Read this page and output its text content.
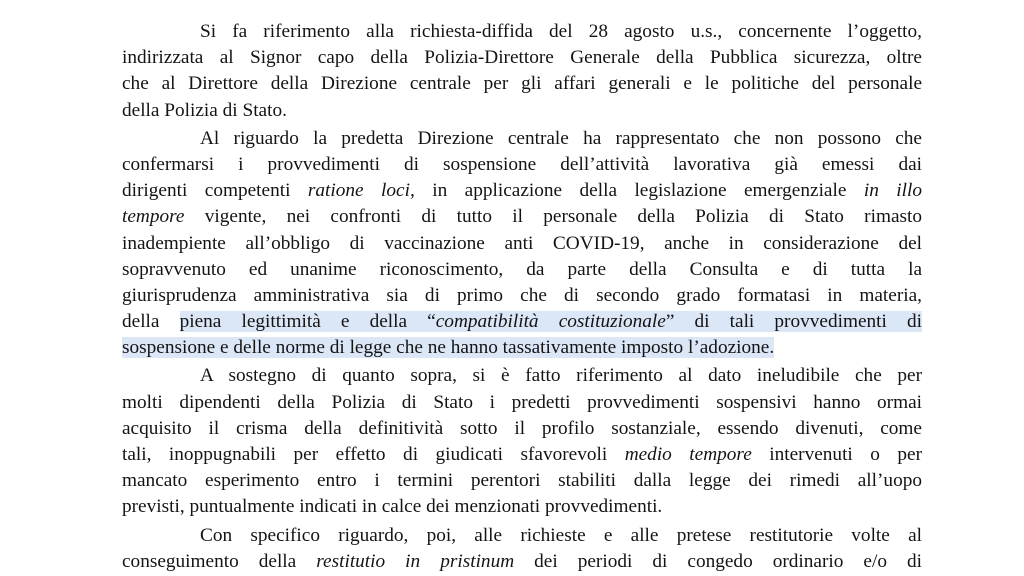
Si fa riferimento alla richiesta-diffida del 28 agosto u.s., concernente l’oggetto,
indirizzata al Signor capo della Polizia-Direttore Generale della Pubblica sicurezza, oltre
che al Direttore della Direzione centrale per gli affari generali e le politiche del personale
della Polizia di Stato.
Al riguardo la predetta Direzione centrale ha rappresentato che non possono che
confermarsi i provvedimenti di sospensione dell’attività lavorativa già emessi dai
dirigenti competenti ratione loci, in applicazione della legislazione emergenziale in illo
tempore vigente, nei confronti di tutto il personale della Polizia di Stato rimasto
inadempiente all’obbligo di vaccinazione anti COVID-19, anche in considerazione del
sopravvenuto ed unanime riconoscimento, da parte della Consulta e di tutta la
giurisprudenza amministrativa sia di primo che di secondo grado formatasi in materia,
della piena legittimità e della “compatibilità costituzionale” di tali provvedimenti di
sospensione e delle norme di legge che ne hanno tassativamente imposto l’adozione.
A sostegno di quanto sopra, si è fatto riferimento al dato ineludibile che per
molti dipendenti della Polizia di Stato i predetti provvedimenti sospensivi hanno ormai
acquisito il crisma della definitività sotto il profilo sostanziale, essendo divenuti, come
tali, inoppugnabili per effetto di giudicati sfavorevoli medio tempore intervenuti o per
mancato esperimento entro i termini perentori stabiliti dalla legge dei rimedi all’uopo
previsti, puntualmente indicati in calce dei menzionati provvedimenti.
Con specifico riguardo, poi, alle richieste e alle pretese restitutorie volte al
conseguimento della restitutio in pristinum dei periodi di congedo ordinario e/o di
